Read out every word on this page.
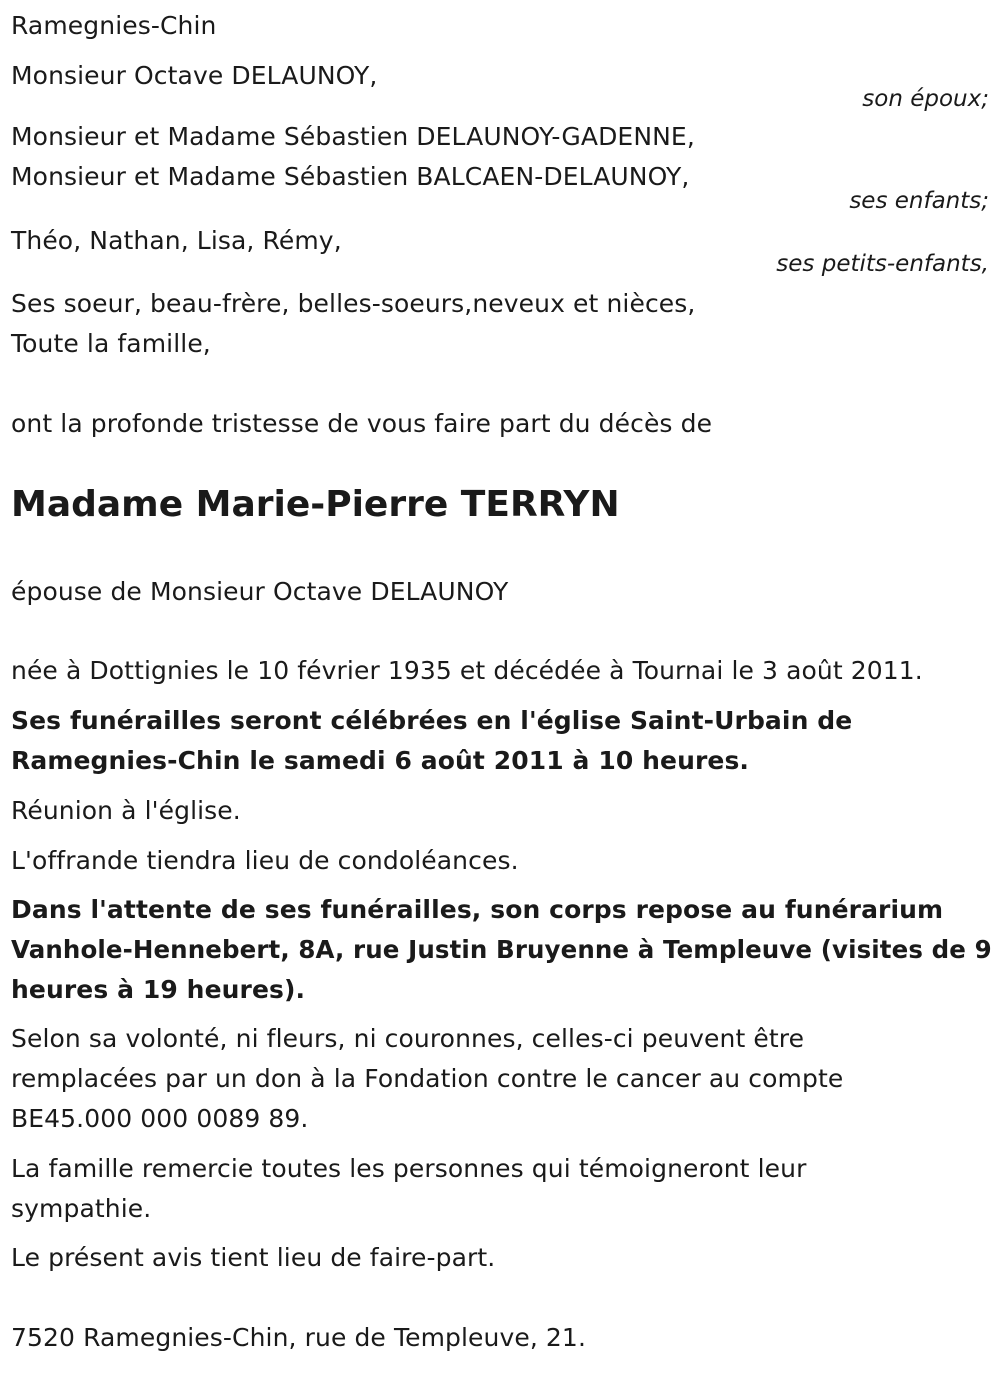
Ramegnies-Chin
Monsieur Octave DELAUNOY,
son époux;
Monsieur et Madame Sébastien DELAUNOY-GADENNE,
Monsieur et Madame Sébastien BALCAEN-DELAUNOY,
ses enfants;
Théo, Nathan, Lisa, Rémy,
ses petits-enfants,
Ses soeur, beau-frère, belles-soeurs,neveux et nièces,
Toute la famille,
ont la profonde tristesse de vous faire part du décès de
Madame Marie-Pierre TERRYN
épouse de Monsieur Octave DELAUNOY
née à Dottignies le 10 février 1935 et décédée à Tournai le 3 août 2011.
Ses funérailles seront célébrées en l'église Saint-Urbain de
Ramegnies-Chin le samedi 6 août 2011 à 10 heures.
Réunion à l'église.
L'offrande tiendra lieu de condoléances.
Dans l'attente de ses funérailles, son corps repose au funérarium
Vanhole-Hennebert, 8A, rue Justin Bruyenne à Templeuve (visites de 9
heures à 19 heures).
Selon sa volonté, ni fleurs, ni couronnes, celles-ci peuvent être
remplacées par un don à la Fondation contre le cancer au compte
BE45.000 000 0089 89.
La famille remercie toutes les personnes qui témoigneront leur
sympathie.
Le présent avis tient lieu de faire-part.
7520 Ramegnies-Chin, rue de Templeuve, 21.
